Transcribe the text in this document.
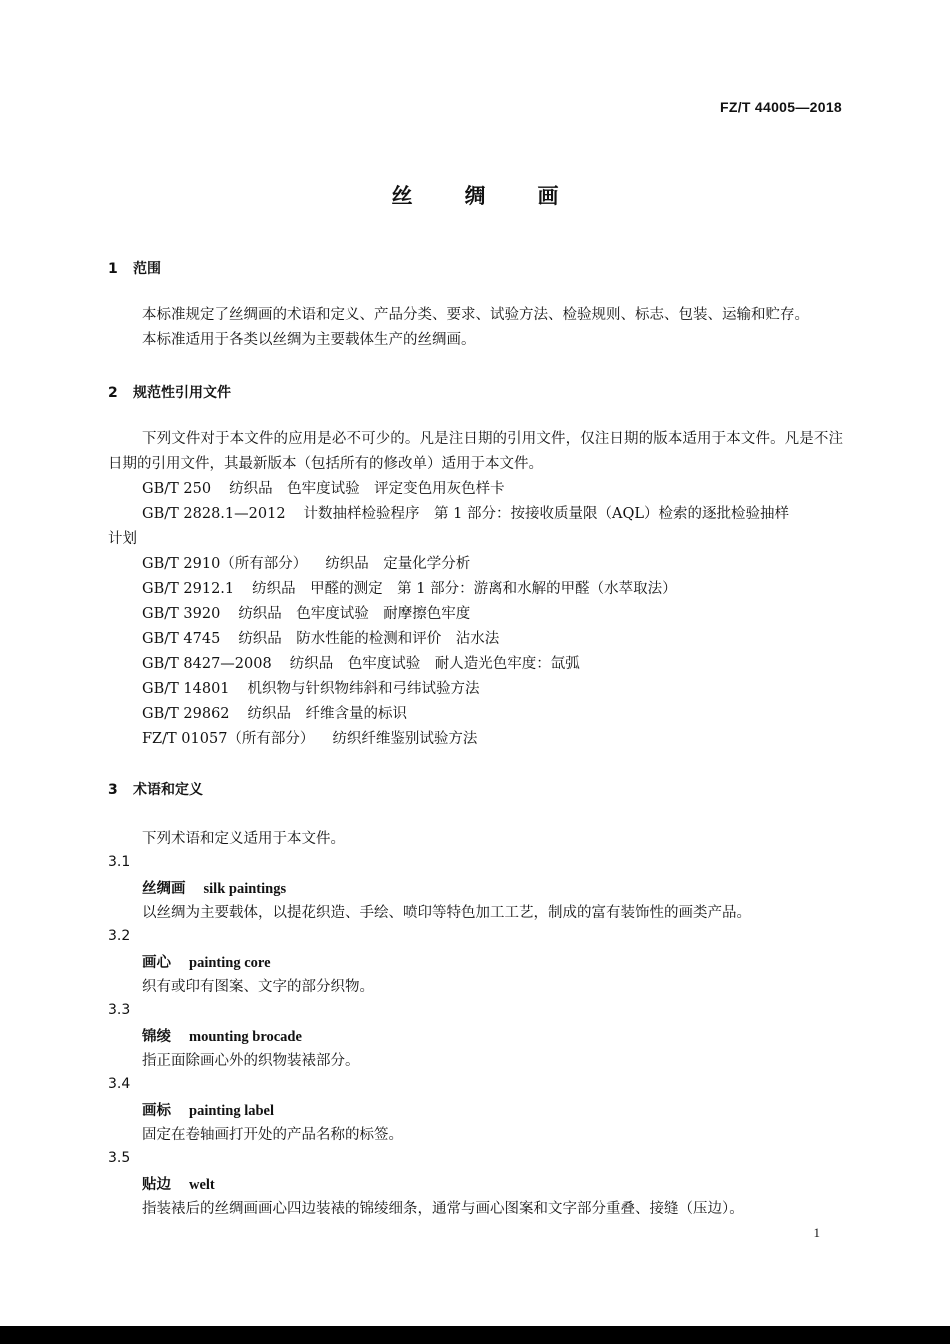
FZ/T 44005—2018
丝绸画
1 范围
本标准规定了丝绸画的术语和定义、产品分类、要求、试验方法、检验规则、标志、包装、运输和贮存。
本标准适用于各类以丝绸为主要载体生产的丝绸画。
2 规范性引用文件
下列文件对于本文件的应用是必不可少的。凡是注日期的引用文件，仅注日期的版本适用于本文件。凡是不注日期的引用文件，其最新版本（包括所有的修改单）适用于本文件。
GB/T 250 纺织品　色牢度试验　评定变色用灰色样卡
GB/T 2828.1—2012 计数抽样检验程序　第 1 部分：按接收质量限（AQL）检索的逐批检验抽样
计划
GB/T 2910（所有部分） 纺织品　定量化学分析
GB/T 2912.1 纺织品　甲醛的测定　第 1 部分：游离和水解的甲醛（水萃取法）
GB/T 3920 纺织品　色牢度试验　耐摩擦色牢度
GB/T 4745 纺织品　防水性能的检测和评价　沾水法
GB/T 8427—2008 纺织品　色牢度试验　耐人造光色牢度：氙弧
GB/T 14801 机织物与针织物纬斜和弓纬试验方法
GB/T 29862 纺织品　纤维含量的标识
FZ/T 01057（所有部分） 纺织纤维鉴别试验方法
3 术语和定义
下列术语和定义适用于本文件。
3.1
丝绸画 silk paintings
以丝绸为主要载体，以提花织造、手绘、喷印等特色加工工艺，制成的富有装饰性的画类产品。
3.2
画心 painting core
织有或印有图案、文字的部分织物。
3.3
锦绫 mounting brocade
指正面除画心外的织物装裱部分。
3.4
画标 painting label
固定在卷轴画打开处的产品名称的标签。
3.5
贴边 welt
指装裱后的丝绸画画心四边装裱的锦绫细条，通常与画心图案和文字部分重叠、接缝（压边）。
1
